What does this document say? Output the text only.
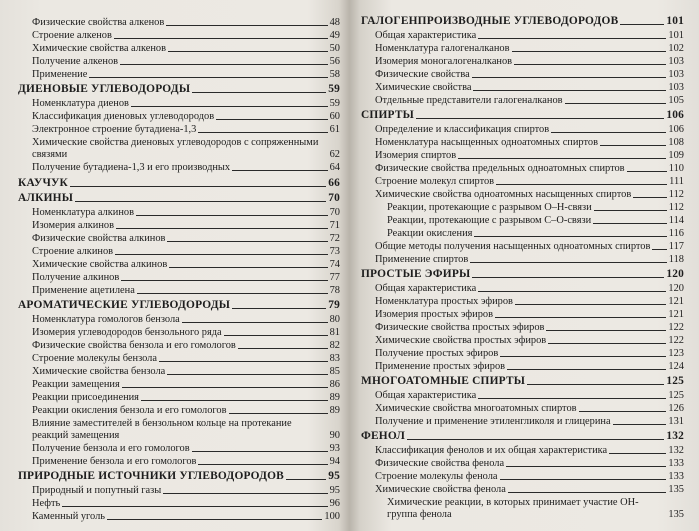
Физические свойства алкенов	48
Строение алкенов	49
Химические свойства алкенов	50
Получение алкенов	56
Применение	58
ДИЕНОВЫЕ УГЛЕВОДОРОДЫ	59
Номенклатура диенов	59
Классификация диеновых углеводородов	60
Электронное строение бутадиена-1,3	61
Химические свойства диеновых углеводородов с сопряженными связями	62
Получение бутадиена-1,3 и его производных	64
КАУЧУК	66
АЛКИНЫ	70
Номенклатура алкинов	70
Изомерия алкинов	71
Физические свойства алкинов	72
Строение алкинов	73
Химические свойства алкинов	74
Получение алкинов	77
Применение ацетилена	78
АРОМАТИЧЕСКИЕ УГЛЕВОДОРОДЫ	79
Номенклатура гомологов бензола	80
Изомерия углеводородов бензольного ряда	81
Физические свойства бензола и его гомологов	82
Строение молекулы бензола	83
Химические свойства бензола	85
Реакции замещения	86
Реакции присоединения	89
Реакции окисления бензола и его гомологов	89
Влияние заместителей в бензольном кольце на протекание реакций замещения	90
Получение бензола и его гомологов	93
Применение бензола и его гомологов	94
ПРИРОДНЫЕ ИСТОЧНИКИ УГЛЕВОДОРОДОВ	95
Природный и попутный газы	95
Нефть	96
Каменный уголь	100
ГАЛОГЕНПРОИЗВОДНЫЕ УГЛЕВОДОРОДОВ	101
Общая характеристика	101
Номенклатура галогеналканов	102
Изомерия моногалогеналканов	103
Физические свойства	103
Химические свойства	103
Отдельные представители галогеналканов	105
СПИРТЫ	106
Определение и классификация спиртов	106
Номенклатура насыщенных одноатомных спиртов	108
Изомерия спиртов	109
Физические свойства предельных одноатомных спиртов	110
Строение молекул спиртов	111
Химические свойства одноатомных насыщенных спиртов	112
Реакции, протекающие с разрывом О–Н-связи	112
Реакции, протекающие с разрывом С–О-связи	114
Реакции окисления	116
Общие методы получения насыщенных одноатомных спиртов 117
Применение спиртов	118
ПРОСТЫЕ ЭФИРЫ	120
Общая характеристика	120
Номенклатура простых эфиров	121
Изомерия простых эфиров	121
Физические свойства простых эфиров	122
Химические свойства простых эфиров	122
Получение простых эфиров	123
Применение простых эфиров	124
МНОГОАТОМНЫЕ СПИРТЫ	125
Общая характеристика	125
Химические свойства многоатомных спиртов	126
Получение и применение этиленгликоля и глицерина	131
ФЕНОЛ	132
Классификация фенолов и их общая характеристика	132
Физические свойства фенола	133
Строение молекулы фенола	133
Химические свойства фенола	135
Химические реакции, в которых принимает участие ОН-группа фенола	135
